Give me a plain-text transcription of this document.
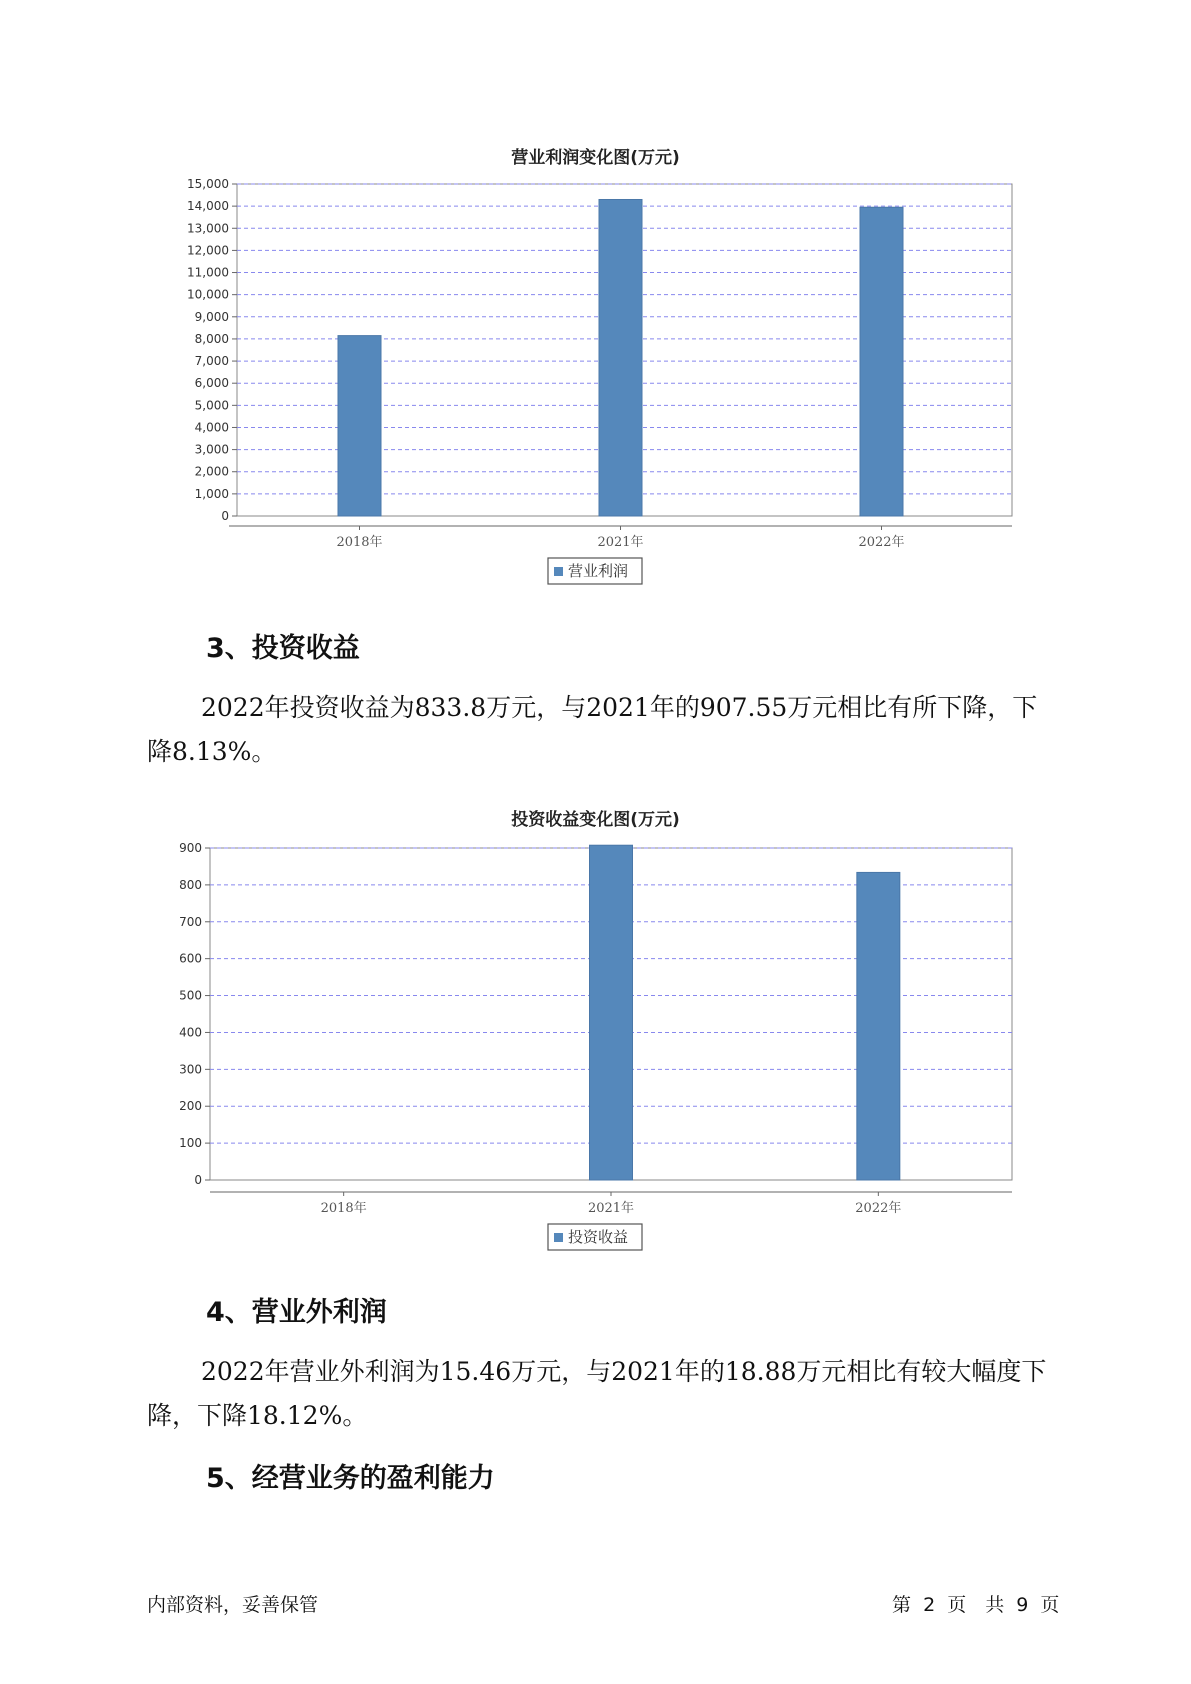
营业利润变化图(万元)
0
1,000
2,000
3,000
4,000
5,000
6,000
7,000
8,000
9,000
10,000
11,000
12,000
13,000
14,000
15,000
2018年	2021年	2022年
营业利润
3、投资收益
2022年投资收益为833.8万元，与2021年的907.55万元相比有所下降，下降8.13%。
投资收益变化图(万元)
0
100
200
300
400
500
600
700
800
900
2018年	2021年	2022年
投资收益
4、营业外利润
2022年营业外利润为15.46万元，与2021年的18.88万元相比有较大幅度下降，下降18.12%。
5、经营业务的盈利能力
内部资料，妥善保管	第 2 页　共 9 页
